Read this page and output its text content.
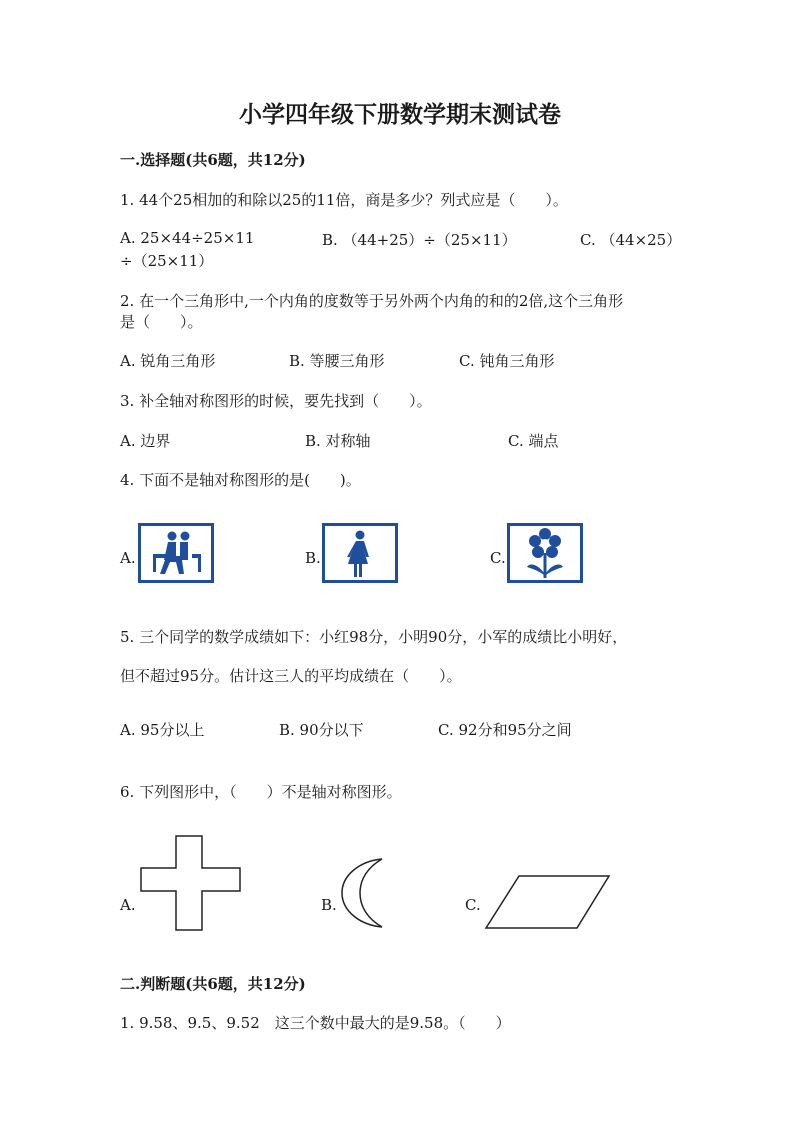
小学四年级下册数学期末测试卷
一.选择题(共6题，共12分)
1. 44个25相加的和除以25的11倍，商是多少？列式应是（　　）。
A. 25×44÷25×11	B. （44+25）÷（25×11）	C. （44×25）
÷（25×11）
2. 在一个三角形中,一个内角的度数等于另外两个内角的和的2倍,这个三角形
是（　　）。
A. 锐角三角形	B. 等腰三角形	C. 钝角三角形
3. 补全轴对称图形的时候，要先找到（　　）。
A. 边界	B. 对称轴	C. 端点
4. 下面不是轴对称图形的是(　　)。
A.	B.	C.
5. 三个同学的数学成绩如下：小红98分，小明90分，小军的成绩比小明好，
但不超过95分。估计这三人的平均成绩在（　　）。
A. 95分以上	B. 90分以下	C. 92分和95分之间
6. 下列图形中，（　　）不是轴对称图形。
A.	B.	C.
二.判断题(共6题，共12分)
1. 9.58、9.5、9.52　这三个数中最大的是9.58。（　　）
